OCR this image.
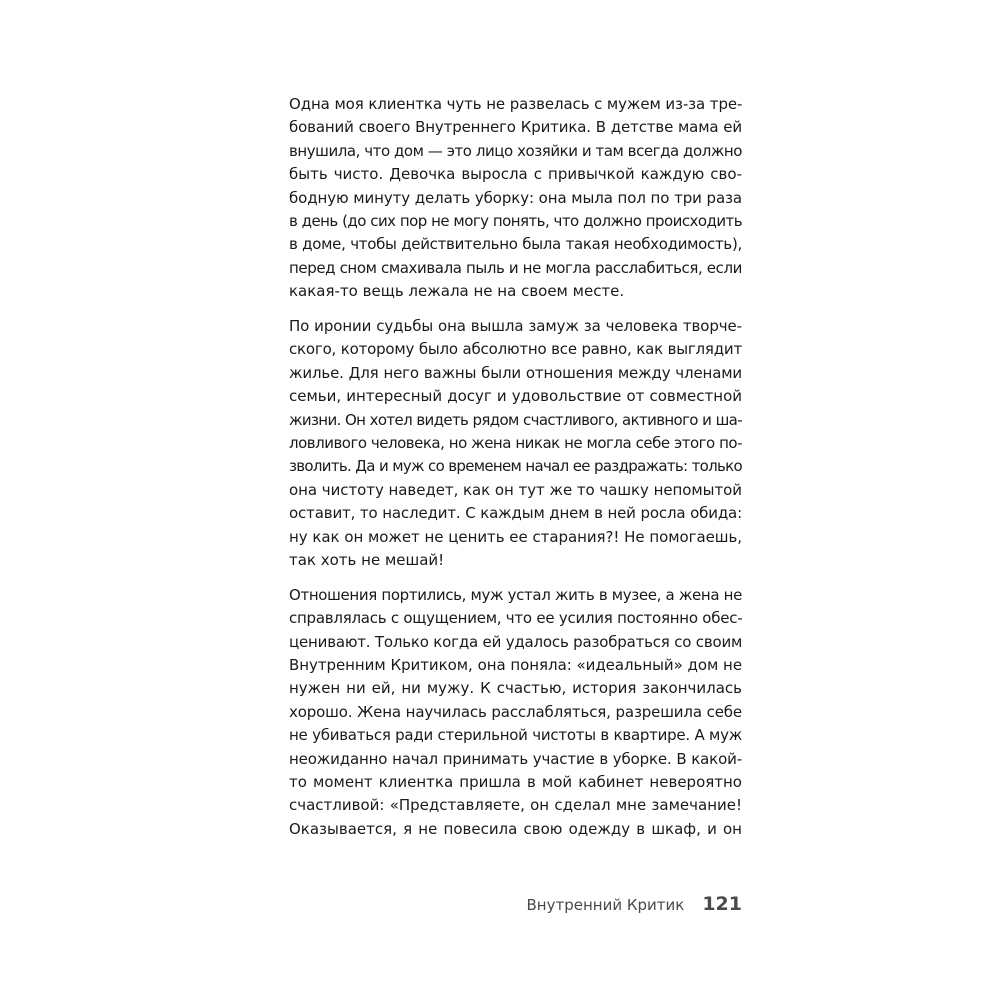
Одна моя клиентка чуть не развелась с мужем из-за тре-
бований своего Внутреннего Критика. В детстве мама ей
внушила, что дом — это лицо хозяйки и там всегда должно
быть чисто. Девочка выросла с привычкой каждую сво-
бодную минуту делать уборку: она мыла пол по три раза
в день (до сих пор не могу понять, что должно происходить
в доме, чтобы действительно была такая необходимость),
перед сном смахивала пыль и не могла расслабиться, если
какая-то вещь лежала не на своем месте.
По иронии судьбы она вышла замуж за человека творче-
ского, которому было абсолютно все равно, как выглядит
жилье. Для него важны были отношения между членами
семьи, интересный досуг и удовольствие от совместной
жизни. Он хотел видеть рядом счастливого, активного и ша-
ловливого человека, но жена никак не могла себе этого по-
зволить. Да и муж со временем начал ее раздражать: только
она чистоту наведет, как он тут же то чашку непомытой
оставит, то наследит. С каждым днем в ней росла обида:
ну как он может не ценить ее старания?! Не помогаешь,
так хоть не мешай!
Отношения портились, муж устал жить в музее, а жена не
справлялась с ощущением, что ее усилия постоянно обес-
ценивают. Только когда ей удалось разобраться со своим
Внутренним Критиком, она поняла: «идеальный» дом не
нужен ни ей, ни мужу. К счастью, история закончилась
хорошо. Жена научилась расслабляться, разрешила себе
не убиваться ради стерильной чистоты в квартире. А муж
неожиданно начал принимать участие в уборке. В какой-
то момент клиентка пришла в мой кабинет невероятно
счастливой: «Представляете, он сделал мне замечание!
Оказывается, я не повесила свою одежду в шкаф, и он
Внутренний Критик 121
